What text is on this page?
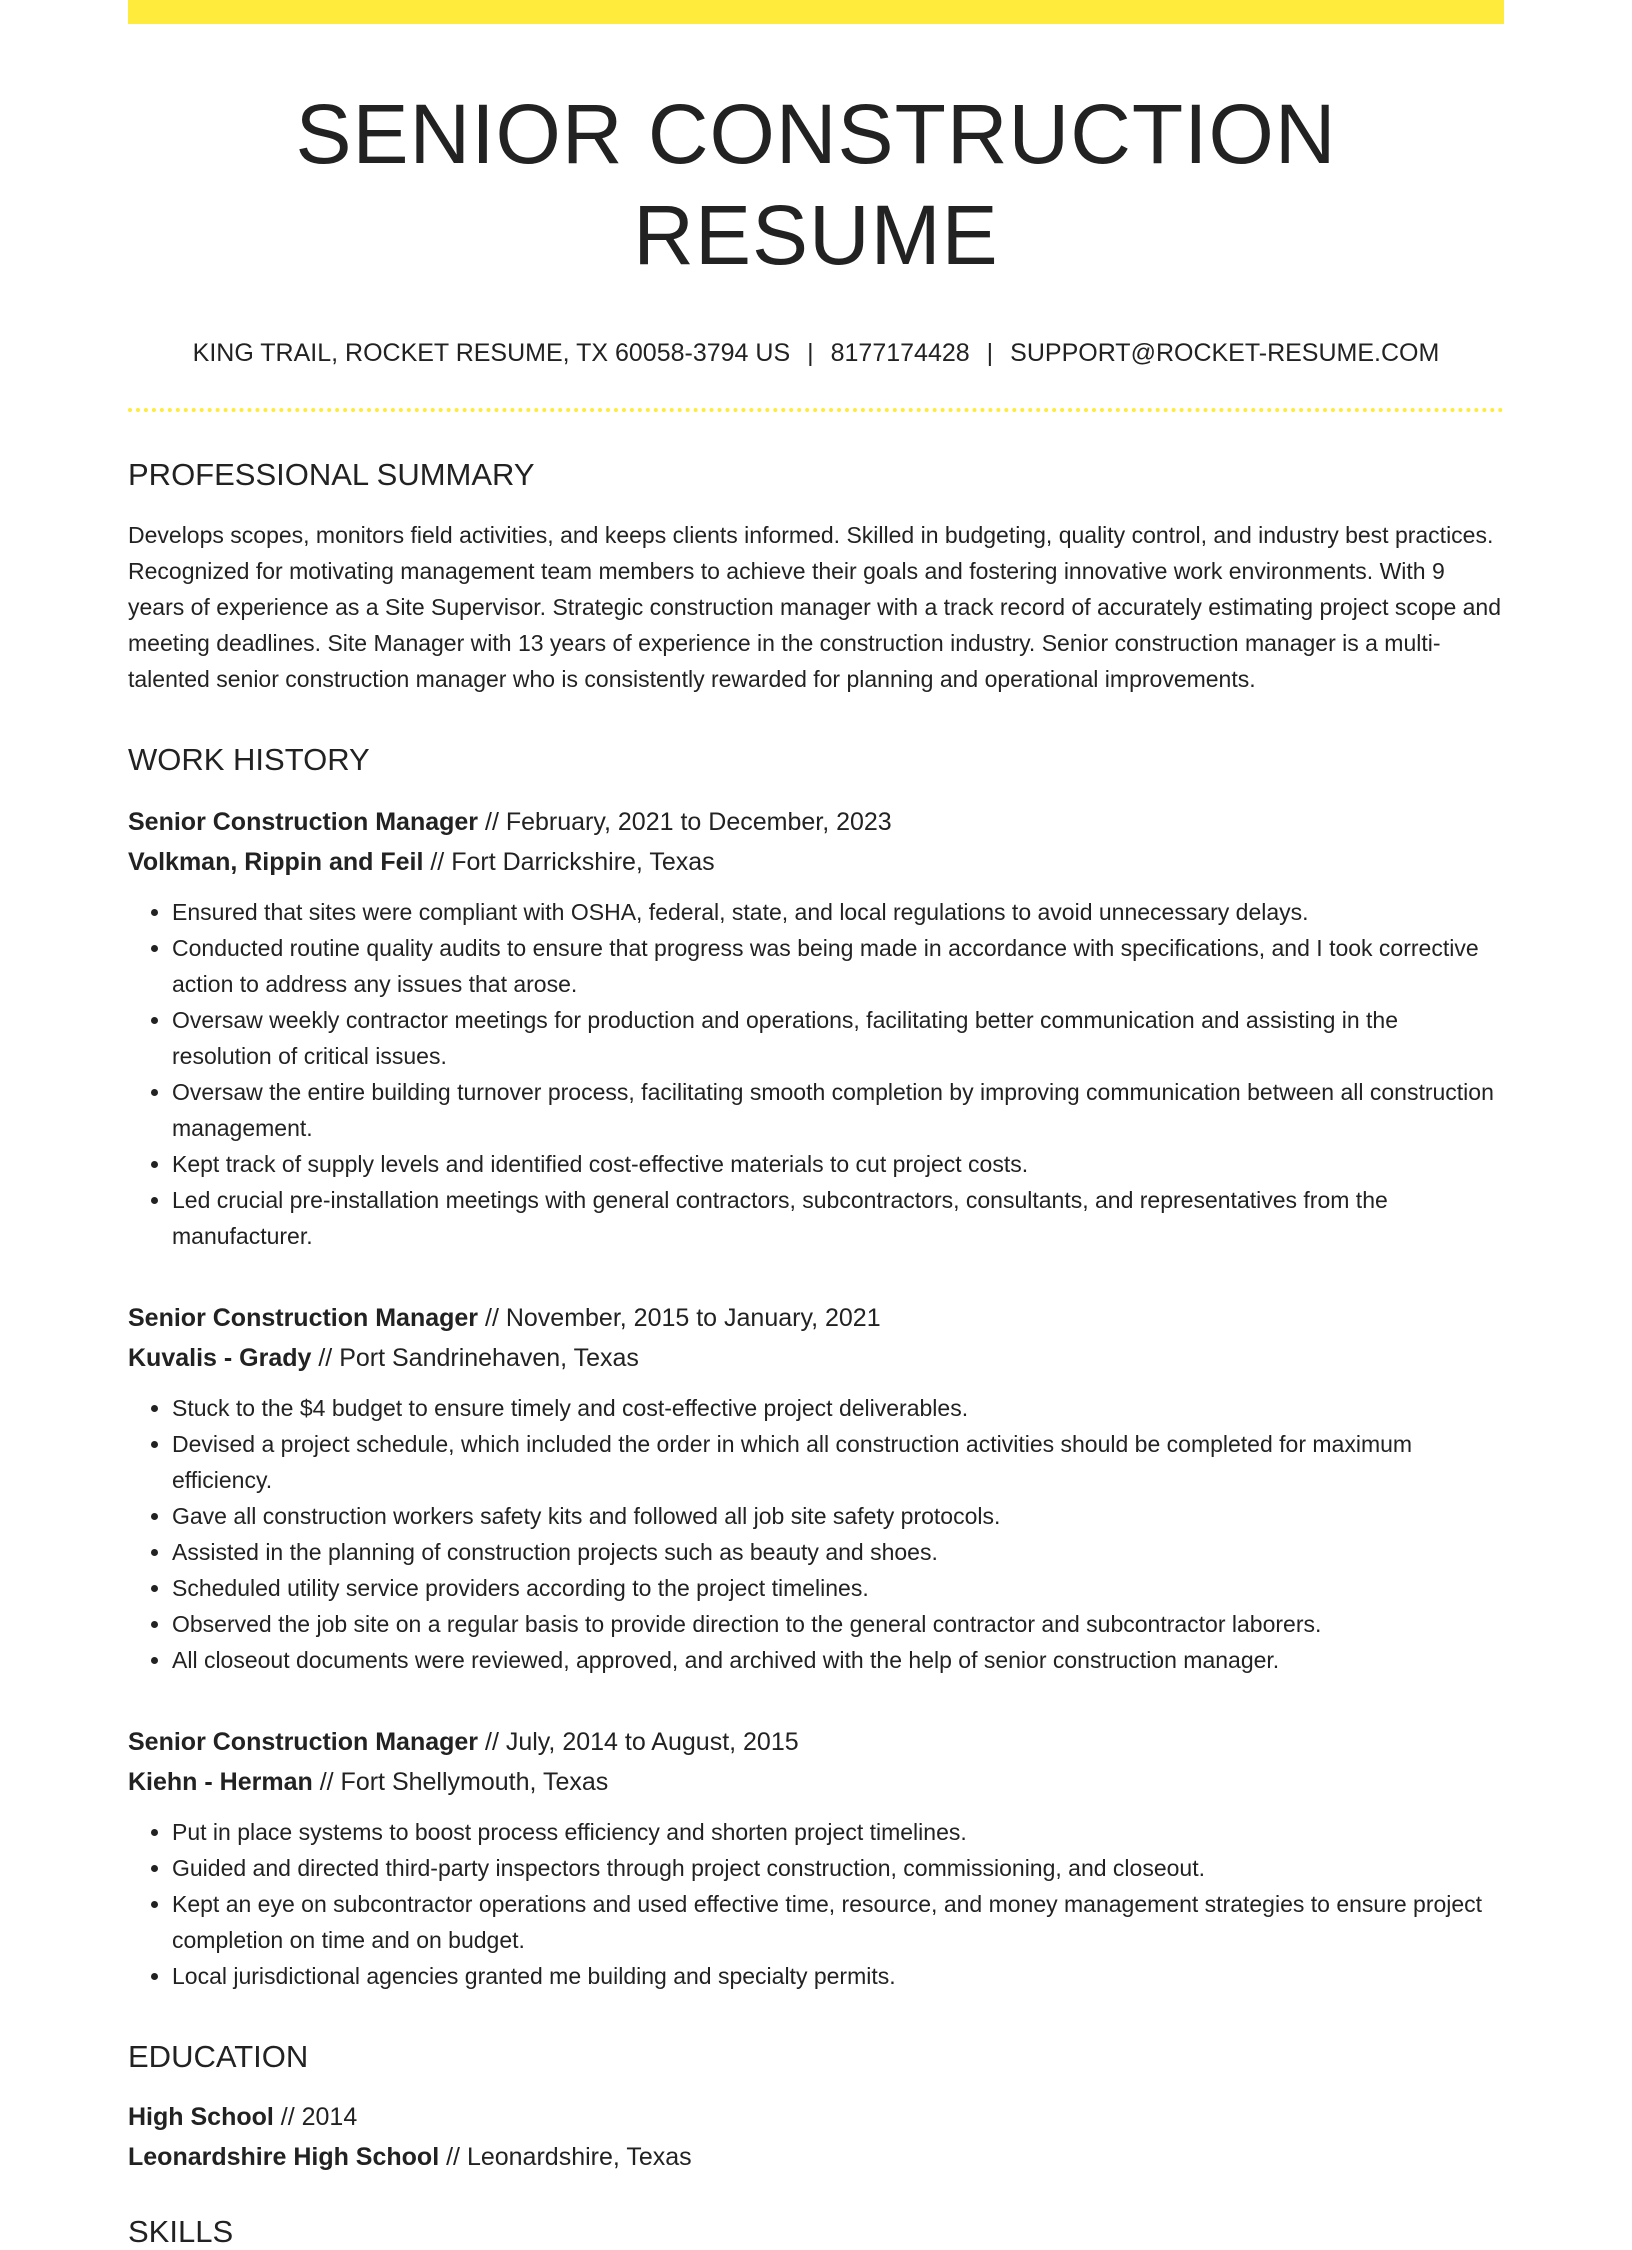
SENIOR CONSTRUCTION RESUME
KING TRAIL, ROCKET RESUME, TX 60058-3794 US | 8177174428 | SUPPORT@ROCKET-RESUME.COM
PROFESSIONAL SUMMARY

Develops scopes, monitors field activities, and keeps clients informed. Skilled in budgeting, quality control, and industry best practices. Recognized for motivating management team members to achieve their goals and fostering innovative work environments. With 9 years of experience as a Site Supervisor. Strategic construction manager with a track record of accurately estimating project scope and meeting deadlines. Site Manager with 13 years of experience in the construction industry. Senior construction manager is a multi-talented senior construction manager who is consistently rewarded for planning and operational improvements.

WORK HISTORY
Senior Construction Manager // February, 2021 to December, 2023
Volkman, Rippin and Feil // Fort Darrickshire, Texas
• Ensured that sites were compliant with OSHA, federal, state, and local regulations to avoid unnecessary delays.
• Conducted routine quality audits to ensure that progress was being made in accordance with specifications, and I took corrective action to address any issues that arose.
• Oversaw weekly contractor meetings for production and operations, facilitating better communication and assisting in the resolution of critical issues.
• Oversaw the entire building turnover process, facilitating smooth completion by improving communication between all construction management.
• Kept track of supply levels and identified cost-effective materials to cut project costs.
• Led crucial pre-installation meetings with general contractors, subcontractors, consultants, and representatives from the manufacturer.
Senior Construction Manager // November, 2015 to January, 2021
Kuvalis - Grady // Port Sandrinehaven, Texas
• Stuck to the $4 budget to ensure timely and cost-effective project deliverables.
• Devised a project schedule, which included the order in which all construction activities should be completed for maximum efficiency.
• Gave all construction workers safety kits and followed all job site safety protocols.
• Assisted in the planning of construction projects such as beauty and shoes.
• Scheduled utility service providers according to the project timelines.
• Observed the job site on a regular basis to provide direction to the general contractor and subcontractor laborers.
• All closeout documents were reviewed, approved, and archived with the help of senior construction manager.
Senior Construction Manager // July, 2014 to August, 2015
Kiehn - Herman // Fort Shellymouth, Texas
• Put in place systems to boost process efficiency and shorten project timelines.
• Guided and directed third-party inspectors through project construction, commissioning, and closeout.
• Kept an eye on subcontractor operations and used effective time, resource, and money management strategies to ensure project completion on time and on budget.
• Local jurisdictional agencies granted me building and specialty permits.
EDUCATION
High School // 2014
Leonardshire High School // Leonardshire, Texas
SKILLS
